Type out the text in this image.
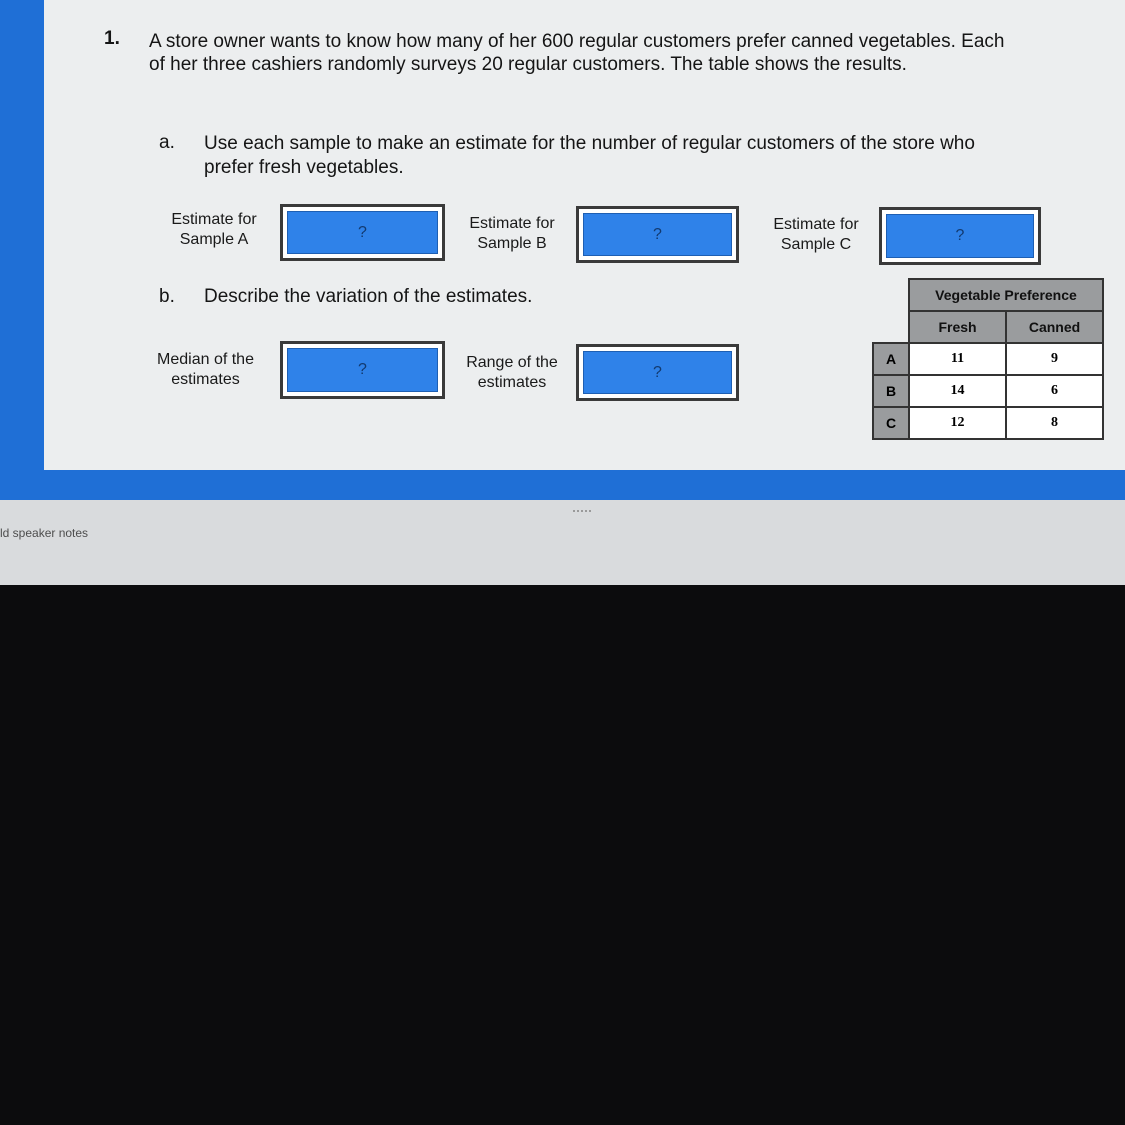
1. A store owner wants to know how many of her 600 regular customers prefer canned vegetables. Each of her three cashiers randomly surveys 20 regular customers. The table shows the results.
a. Use each sample to make an estimate for the number of regular customers of the store who prefer fresh vegetables.
Estimate for
Sample A	?	Estimate for
Sample B
?
Estimate for
Sample C
?
b. Describe the variation of the estimates.
Median of the
estimates
?	Range of the
estimates
?
	Vegetable Preference	
	Fresh	Canned
A	11	9
B	14	6
C	12	8
ld speaker notes
